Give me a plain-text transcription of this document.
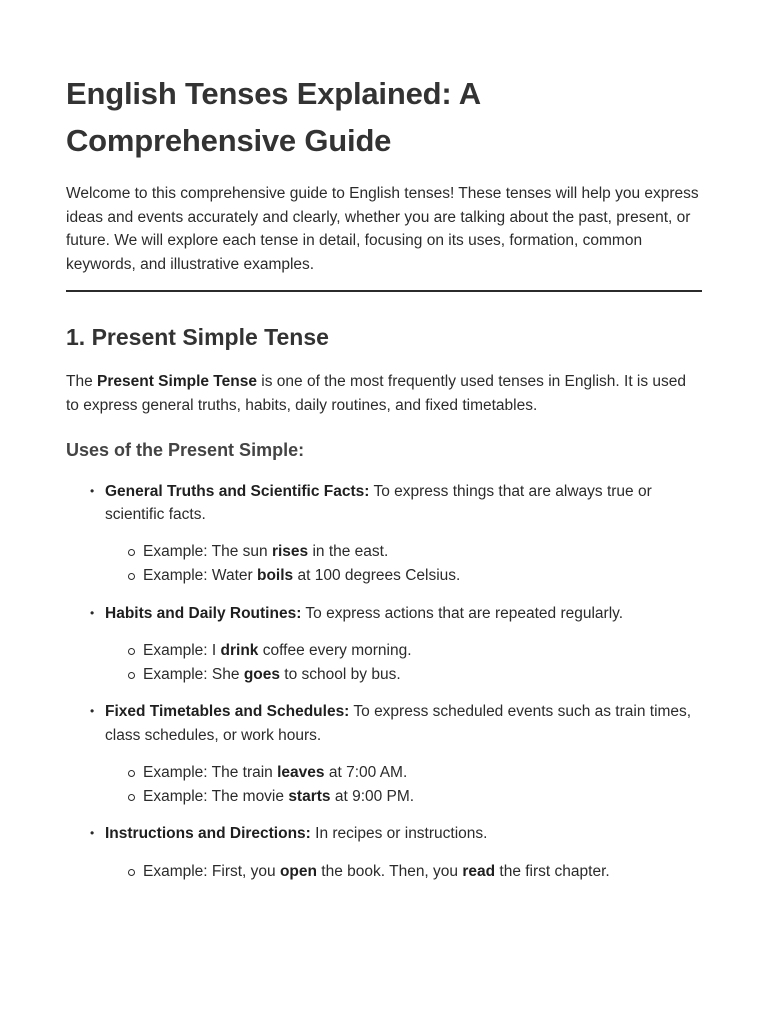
English Tenses Explained: A Comprehensive Guide

Welcome to this comprehensive guide to English tenses! These tenses will help you express ideas and events accurately and clearly, whether you are talking about the past, present, or future. We will explore each tense in detail, focusing on its uses, formation, common keywords, and illustrative examples.

1. Present Simple Tense

The Present Simple Tense is one of the most frequently used tenses in English. It is used to express general truths, habits, daily routines, and fixed timetables.

Uses of the Present Simple:
• General Truths and Scientific Facts: To express things that are always true or scientific facts.
Example: The sun rises in the east.
Example: Water boils at 100 degrees Celsius.
• Habits and Daily Routines: To express actions that are repeated regularly.
Example: I drink coffee every morning.
Example: She goes to school by bus.
• Fixed Timetables and Schedules: To express scheduled events such as train times, class schedules, or work hours.
Example: The train leaves at 7:00 AM.
Example: The movie starts at 9:00 PM.
• Instructions and Directions: In recipes or instructions.
Example: First, you open the book. Then, you read the first chapter.
